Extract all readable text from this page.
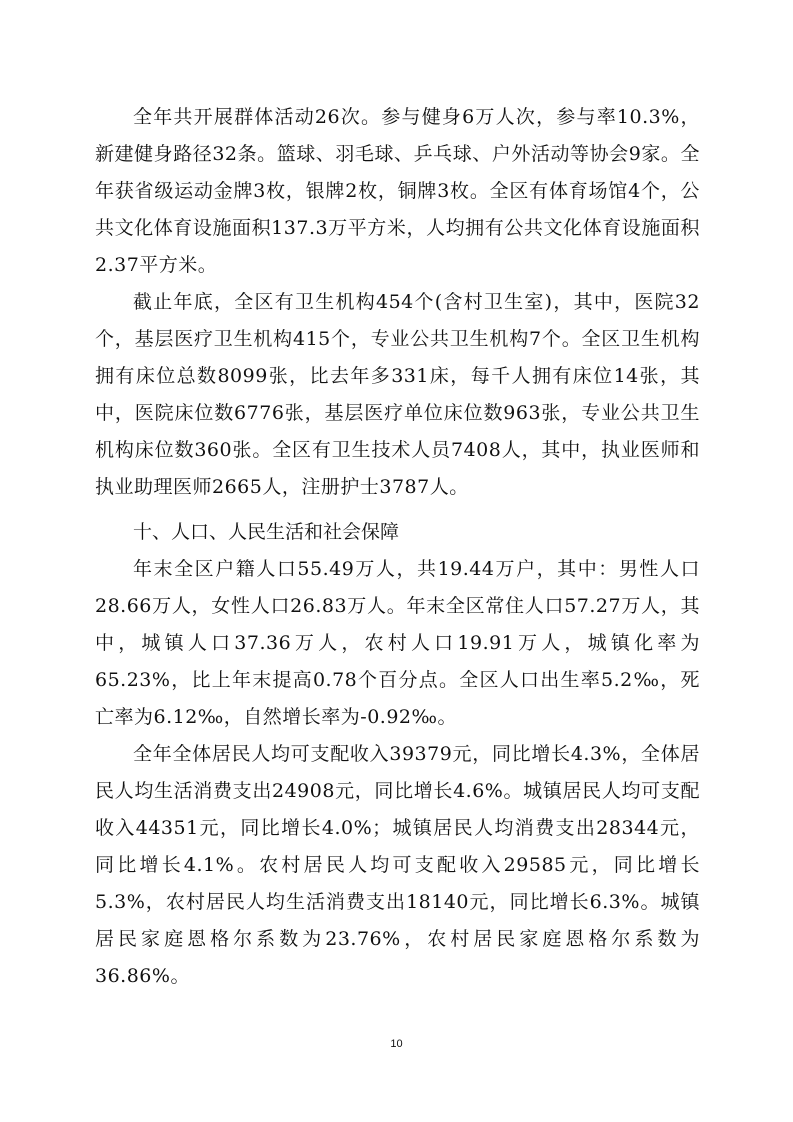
全年共开展群体活动26次。参与健身6万人次，参与率10.3%，新建健身路径32条。篮球、羽毛球、乒乓球、户外活动等协会9家。全年获省级运动金牌3枚，银牌2枚，铜牌3枚。全区有体育场馆4个，公共文化体育设施面积137.3万平方米，人均拥有公共文化体育设施面积2.37平方米。

截止年底，全区有卫生机构454个(含村卫生室)，其中，医院32个，基层医疗卫生机构415个，专业公共卫生机构7个。全区卫生机构拥有床位总数8099张，比去年多331床，每千人拥有床位14张，其中，医院床位数6776张，基层医疗单位床位数963张，专业公共卫生机构床位数360张。全区有卫生技术人员7408人，其中，执业医师和执业助理医师2665人，注册护士3787人。

十、人口、人民生活和社会保障

年末全区户籍人口55.49万人，共19.44万户，其中：男性人口28.66万人，女性人口26.83万人。年末全区常住人口57.27万人，其中，城镇人口37.36万人，农村人口19.91万人，城镇化率为65.23%，比上年末提高0.78个百分点。全区人口出生率5.2‰，死亡率为6.12‰，自然增长率为-0.92‰。

全年全体居民人均可支配收入39379元，同比增长4.3%，全体居民人均生活消费支出24908元，同比增长4.6%。城镇居民人均可支配收入44351元，同比增长4.0%；城镇居民人均消费支出28344元，同比增长4.1%。农村居民人均可支配收入29585元，同比增长5.3%，农村居民人均生活消费支出18140元，同比增长6.3%。城镇居民家庭恩格尔系数为23.76%，农村居民家庭恩格尔系数为36.86%。

10
